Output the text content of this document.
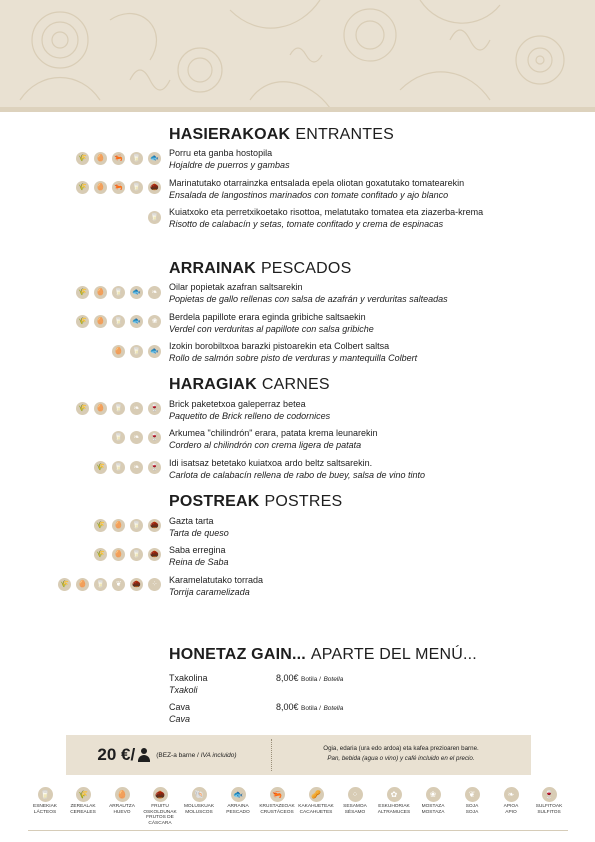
HASIERAKOAK ENTRANTES
🌾	🥚	🦐	🥛	🐟 Porru eta ganba hostopila
Hojaldre de puerros y gambas
🌾	🥚	🦐	🥛	🌰 Marinatutako otarrainzka entsalada epela oliotan goxatutako tomatearekin
Ensalada de langostinos marinados con tomate confitado y ajo blanco
🥛 Kuiatxoko eta perretxikoetako risottoa, melatutako tomatea eta ziazerba-krema
Risotto de calabacín y setas, tomate confitado y crema de espinacas
ARRAINAK PESCADOS
🌾	🥚	🥛	🐟	❧	Oilar popietak azafran saltsarekin
Popietas de gallo rellenas con salsa de azafrán y verduritas salteadas
🌾	🥚	🥛	🐟	❀	Berdela papillote erara eginda gribiche saltsaekin
Verdel con verduritas al papillote con salsa gribiche
🥚	🥛	🐟 Izokin borobiltxoa barazki pistoarekin eta Colbert saltsa
Rollo de salmón sobre pisto de verduras y mantequilla Colbert
HARAGIAK CARNES
🌾	🥚	🥛	❧	🍷 Brick paketetxoa galeperraz betea
Paquetito de Brick relleno de codornices
🥛	❧	🍷 Arkumea "chilindrón" erara, patata krema leunarekin
Cordero al chilindrón con crema ligera de patata
🌾	🥛	❧	🍷 Idi isatsaz betetako kuiatxoa ardo beltz saltsarekin.
Carlota de calabacín rellena de rabo de buey, salsa de vino tinto
POSTREAK POSTRES
🌾	🥚	🥛	🌰 Gazta tarta
Tarta de queso
🌾	🥚	🥛	🌰 Saba erregina
Reina de Saba
🌾	🥚	🥛	❦	🌰	⁘	Karamelatutako torrada
Torrija caramelizada
HONETAZ GAIN... APARTE DEL MENÚ...
Txakolina
Txakoli
8,00€ Botila / Botella
Cava
Cava
8,00€ Botila / Botella
20 €/	(BEZ-a barne / IVA incluido)
Ogia, edaria (ura edo ardoa) eta kafea prezioaren barne.
Pan, bebida (agua o vino) y café incluido en el precio.
🥛
ESNEKIAK
LÁCTEOS
🌾
ZEREALAK
CEREALES
🥚
ARRAUTZA
HUEVO
🌰
FRUITU OSKOLDUNAK
FRUTOS DE CÁSCARA
🐚
MOLUSKUAK
MOLUSCOS
🐟
ARRAINA
PESCADO
🦐
KRUSTAZEOAK
CRUSTÁCEOS
🥜
KAKAHUETEAK
CACAHUETES
⁘
SESAMOA
SÉSAMO
✿
ESKUHORIAK
ALTRAMUCES
❀
MOSTAZA
MOSTAZA
❦
SOJA
SOJA
❧
APIOA
APIO
🍷
SULFITOAK
SULFITOS
